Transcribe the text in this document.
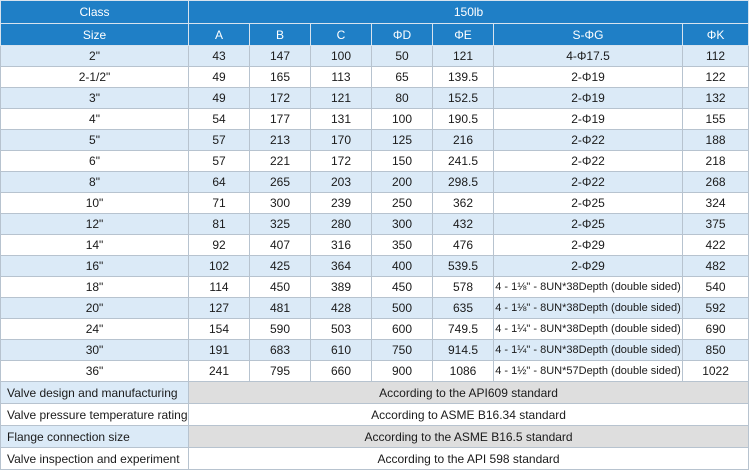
Class	150lb						
Size	A	B	C	ΦD	ΦE	S-ΦG	ΦK
2"	43	147	100	50	121	4-Φ17.5	112
2-1/2"	49	165	113	65	139.5	2-Φ19	122
3"	49	172	121	80	152.5	2-Φ19	132
4"	54	177	131	100	190.5	2-Φ19	155
5"	57	213	170	125	216	2-Φ22	188
6"	57	221	172	150	241.5	2-Φ22	218
8"	64	265	203	200	298.5	2-Φ22	268
10"	71	300	239	250	362	2-Φ25	324
12"	81	325	280	300	432	2-Φ25	375
14"	92	407	316	350	476	2-Φ29	422
16"	102	425	364	400	539.5	2-Φ29	482
18"	114	450	389	450	578	4 - 1⅛" - 8UN*38Depth (double sided)	540
20"	127	481	428	500	635	4 - 1⅛" - 8UN*38Depth (double sided)	592
24"	154	590	503	600	749.5	4 - 1¼" - 8UN*38Depth (double sided)	690
30"	191	683	610	750	914.5	4 - 1¼" - 8UN*38Depth (double sided)	850
36"	241	795	660	900	1086	4 - 1½" - 8UN*57Depth (double sided)	1022
Valve design and manufacturing	According to the API609 standard						
Valve pressure temperature rating	According to ASME B16.34 standard						
Flange connection size	According to the ASME B16.5 standard						
Valve inspection and experiment	According to the API 598 standard						
